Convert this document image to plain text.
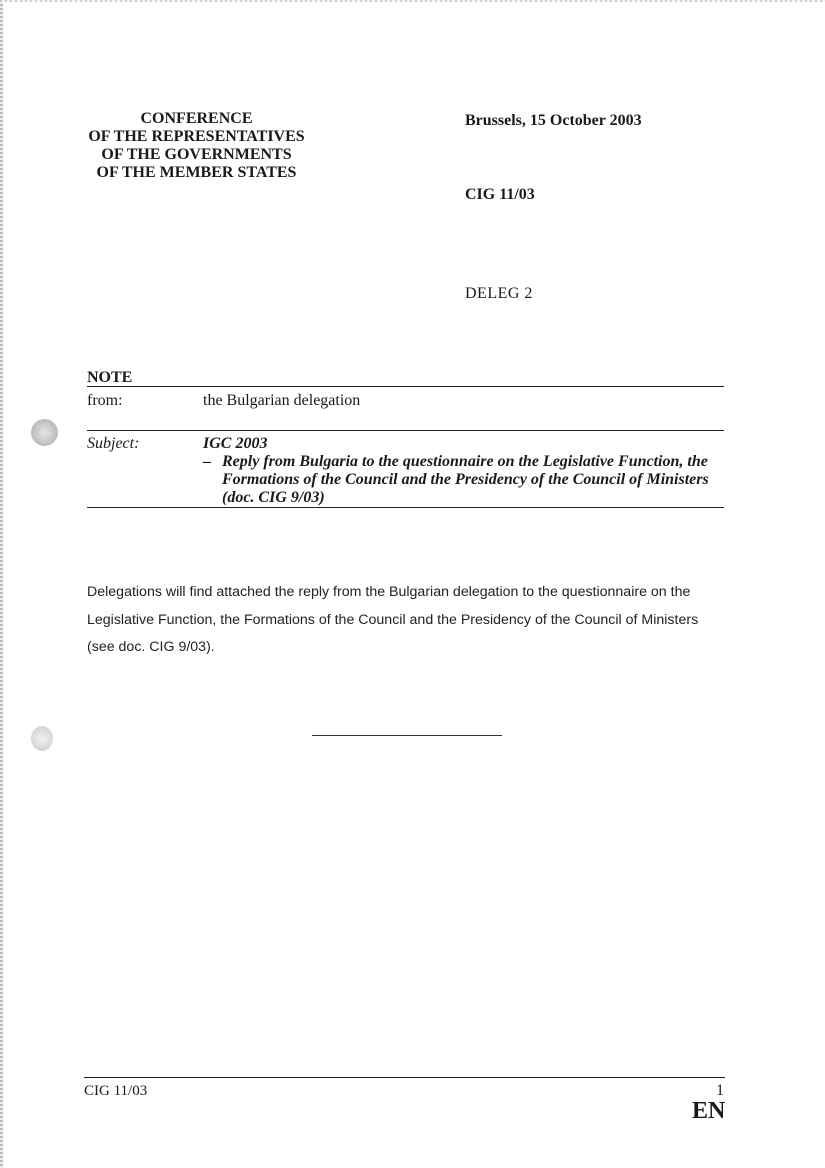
CONFERENCE
OF THE REPRESENTATIVES
OF THE GOVERNMENTS
OF THE MEMBER STATES
Brussels, 15 October 2003
CIG 11/03
DELEG 2
NOTE
from:	the Bulgarian delegation
Subject:	IGC 2003
– Reply from Bulgaria to the questionnaire on the Legislative Function, the
Formations of the Council and the Presidency of the Council of Ministers
(doc. CIG 9/03)
Delegations will find attached the reply from the Bulgarian delegation to the questionnaire on the
Legislative Function, the Formations of the Council and the Presidency of the Council of Ministers
(see doc. CIG 9/03).
CIG 11/03	1
EN
